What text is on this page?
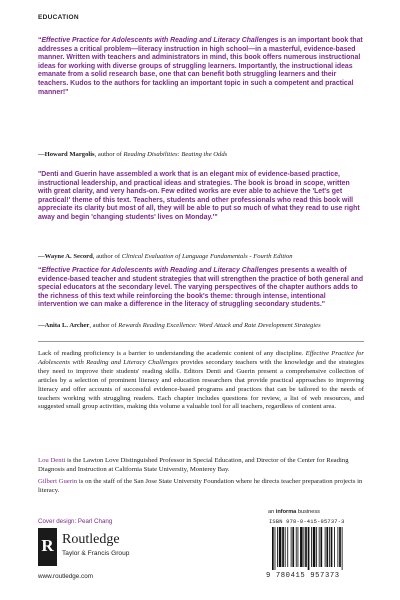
EDUCATION
“Effective Practice for Adolescents with Reading and Literacy Challenges is an important book that addresses a critical problem—literacy instruction in high school—in a masterful, evidence-based manner. Written with teachers and administrators in mind, this book offers numerous instructional ideas for working with diverse groups of struggling learners. Importantly, the instructional ideas emanate from a solid research base, one that can benefit both struggling learners and their teachers. Kudos to the authors for tackling an important topic in such a competent and practical manner!"
—Howard Margolis, author of Reading Disabilities: Beating the Odds
"Denti and Guerin have assembled a work that is an elegant mix of evidence-based practice, instructional leadership, and practical ideas and strategies. The book is broad in scope, written with great clarity, and very hands-on. Few edited works are ever able to achieve the 'Let's get practical!' theme of this text. Teachers, students and other professionals who read this book will appreciate its clarity but most of all, they will be able to put so much of what they read to use right away and begin 'changing students' lives on Monday.'"
—Wayne A. Secord, author of Clinical Evaluation of Language Fundamentals - Fourth Edition
“Effective Practice for Adolescents with Reading and Literacy Challenges presents a wealth of evidence-based teacher and student strategies that will strengthen the practice of both general and special educators at the secondary level. The varying perspectives of the chapter authors adds to the richness of this text while reinforcing the book's theme: through intense, intentional intervention we can make a difference in the literacy of struggling secondary students."
—Anita L. Archer, author of Rewards Reading Excellence: Word Attack and Rate Development Strategies
Lack of reading proficiency is a barrier to understanding the academic content of any discipline. Effective Practice for Adolescents with Reading and Literacy Challenges provides secondary teachers with the knowledge and the strategies they need to improve their students' reading skills. Editors Denti and Guerin present a comprehensive collection of articles by a selection of prominent literacy and education researchers that provide practical approaches to improving literacy and offer accounts of successful evidence-based programs and practices that can be tailored to the needs of teachers working with struggling readers. Each chapter includes questions for review, a list of web resources, and suggested small group activities, making this volume a valuable tool for all teachers, regardless of content area.
Lou Denti is the Lawton Love Distinguished Professor in Special Education, and Director of the Center for Reading Diagnosis and Instruction at California State University, Monterey Bay.
Gilbert Guerin is on the staff of the San Jose State University Foundation where he directs teacher preparation projects in literacy.
Cover design: Pearl Chang
R Routledge
Taylor & Francis Group
www.routledge.com
an informa business
ISBN 978-0-415-95737-3
9 780415 957373
